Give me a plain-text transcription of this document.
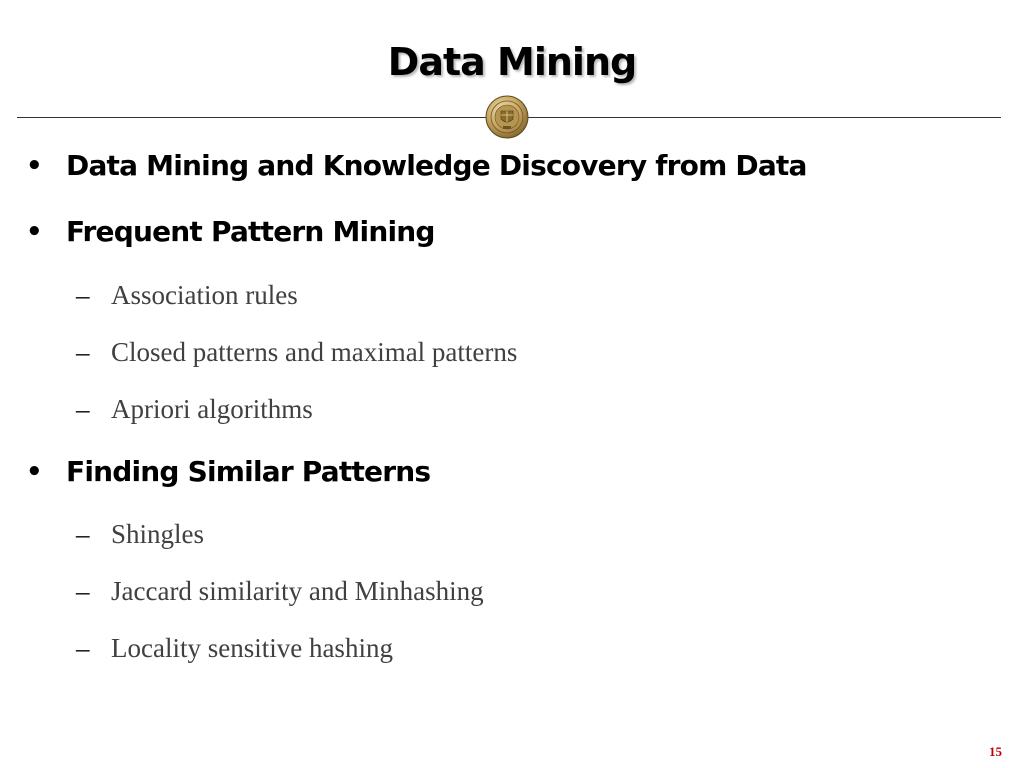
Data Mining
• Data Mining and Knowledge Discovery from Data
• Frequent Pattern Mining
– Association rules
– Closed patterns and maximal patterns
– Apriori algorithms
• Finding Similar Patterns
– Shingles
– Jaccard similarity and Minhashing
– Locality sensitive hashing
15
